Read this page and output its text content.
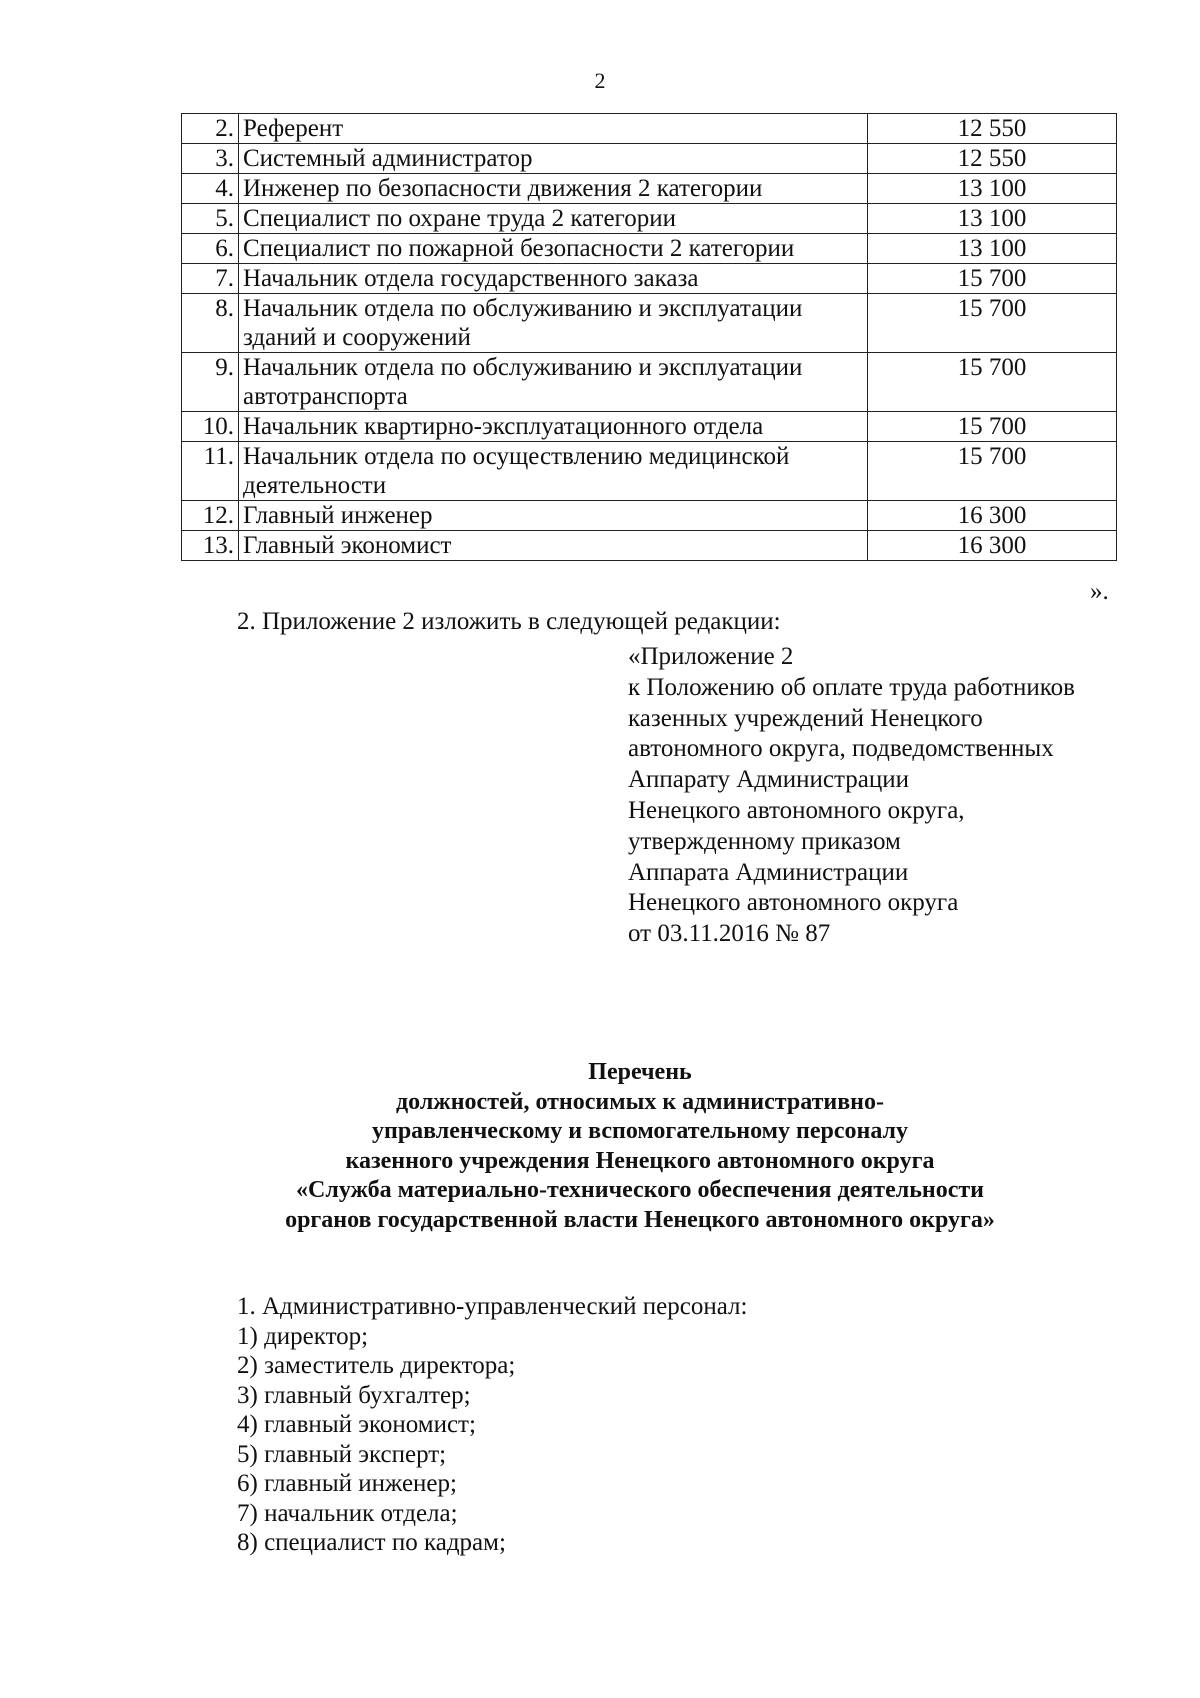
2
2.	Референт	12 550
3.	Системный администратор	12 550
4.	Инженер по безопасности движения 2 категории	13 100
5.	Специалист по охране труда 2 категории	13 100
6.	Специалист по пожарной безопасности 2 категории	13 100
7.	Начальник отдела государственного заказа	15 700
8.	Начальник отдела по обслуживанию и эксплуатации
зданий и сооружений	15 700
9.	Начальник отдела по обслуживанию и эксплуатации
автотранспорта	15 700
10.	Начальник квартирно-эксплуатационного отдела	15 700
11.	Начальник отдела по осуществлению медицинской
деятельности	15 700
12.	Главный инженер	16 300
13.	Главный экономист	16 300
».
2. Приложение 2 изложить в следующей редакции:
«Приложение 2
к Положению об оплате труда работников
казенных учреждений Ненецкого
автономного округа, подведомственных
Аппарату Администрации
Ненецкого автономного округа,
утвержденному приказом
Аппарата Администрации
Ненецкого автономного округа
от 03.11.2016 № 87
Перечень
должностей, относимых к административно-
управленческому и вспомогательному персоналу
казенного учреждения Ненецкого автономного округа
«Служба материально-технического обеспечения деятельности
органов государственной власти Ненецкого автономного округа»
1. Административно-управленческий персонал:
1) директор;
2) заместитель директора;
3) главный бухгалтер;
4) главный экономист;
5) главный эксперт;
6) главный инженер;
7) начальник отдела;
8) специалист по кадрам;
